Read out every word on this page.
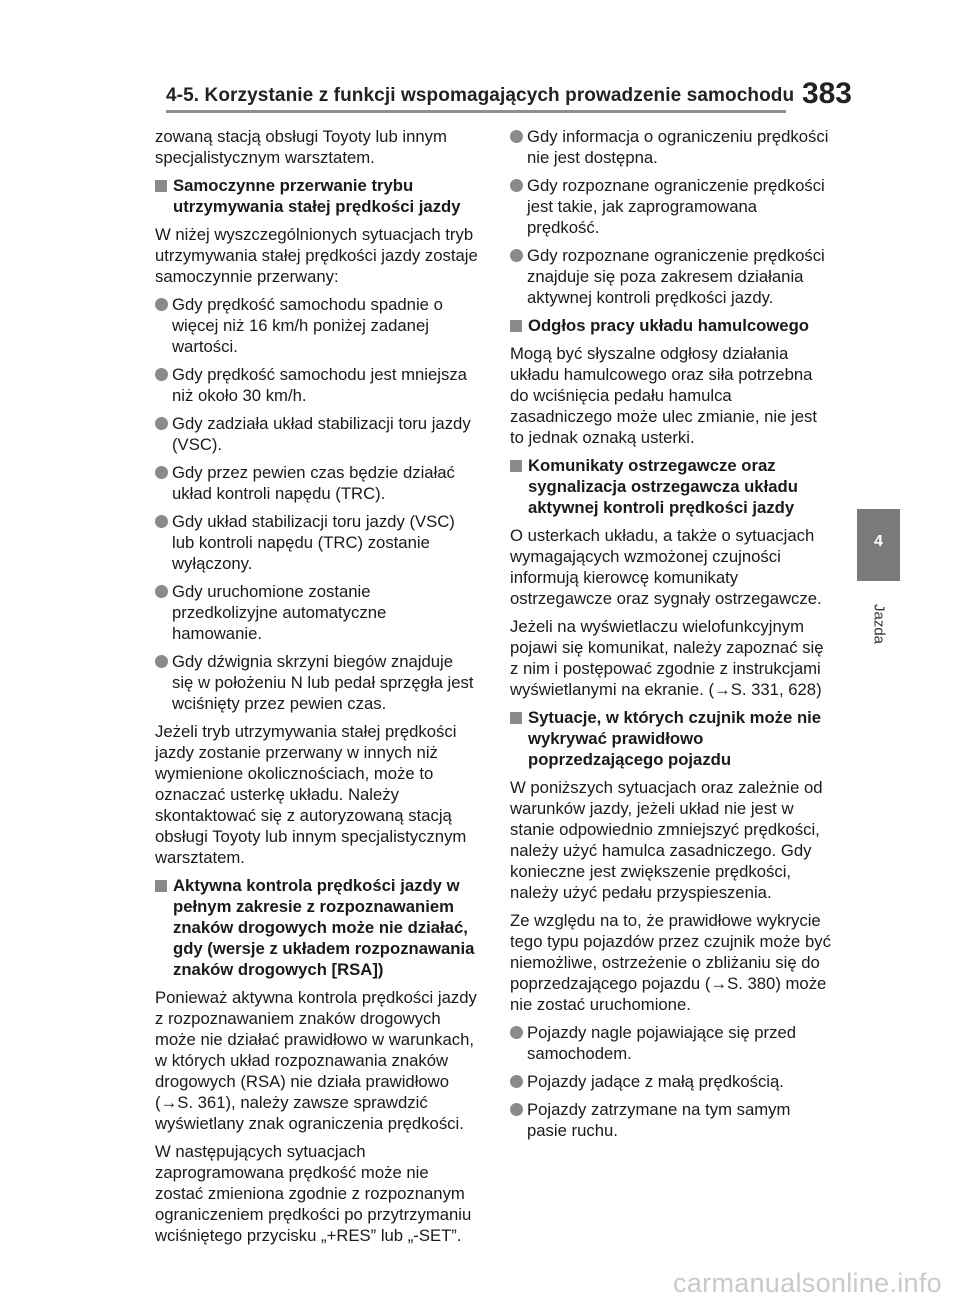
4-5. Korzystanie z funkcji wspomagających prowadzenie samochodu 383
zowaną stacją obsługi Toyoty lub innym specjalistycznym warsztatem.
Samoczynne przerwanie trybu utrzymywania stałej prędkości jazdy
W niżej wyszczególnionych sytuacjach tryb utrzymywania stałej prędkości jazdy zostaje samoczynnie przerwany:
Gdy prędkość samochodu spadnie o więcej niż 16 km/h poniżej zadanej wartości.
Gdy prędkość samochodu jest mniejsza niż około 30 km/h.
Gdy zadziała układ stabilizacji toru jazdy (VSC).
Gdy przez pewien czas będzie działać układ kontroli napędu (TRC).
Gdy układ stabilizacji toru jazdy (VSC) lub kontroli napędu (TRC) zostanie wyłączony.
Gdy uruchomione zostanie przedkolizyjne automatyczne hamowanie.
Gdy dźwignia skrzyni biegów znajduje się w położeniu N lub pedał sprzęgła jest wciśnięty przez pewien czas.
Jeżeli tryb utrzymywania stałej prędkości jazdy zostanie przerwany w innych niż wymienione okolicznościach, może to oznaczać usterkę układu. Należy skontaktować się z autoryzowaną stacją obsługi Toyoty lub innym specjalistycznym warsztatem.
Aktywna kontrola prędkości jazdy w pełnym zakresie z rozpoznawaniem znaków drogowych może nie działać, gdy (wersje z układem rozpoznawania znaków drogowych [RSA])
Ponieważ aktywna kontrola prędkości jazdy z rozpoznawaniem znaków drogowych może nie działać prawidłowo w warunkach, w których układ rozpoznawania znaków drogowych (RSA) nie działa prawidłowo (→S. 361), należy zawsze sprawdzić wyświetlany znak ograniczenia prędkości.
W następujących sytuacjach zaprogramowana prędkość może nie zostać zmieniona zgodnie z rozpoznanym ograniczeniem prędkości po przytrzymaniu wciśniętego przycisku „+RES” lub „-SET”.
Gdy informacja o ograniczeniu prędkości nie jest dostępna.
Gdy rozpoznane ograniczenie prędkości jest takie, jak zaprogramowana prędkość.
Gdy rozpoznane ograniczenie prędkości znajduje się poza zakresem działania aktywnej kontroli prędkości jazdy.
Odgłos pracy układu hamulcowego
Mogą być słyszalne odgłosy działania układu hamulcowego oraz siła potrzebna do wciśnięcia pedału hamulca zasadniczego może ulec zmianie, nie jest to jednak oznaką usterki.
Komunikaty ostrzegawcze oraz sygnalizacja ostrzegawcza układu aktywnej kontroli prędkości jazdy
O usterkach układu, a także o sytuacjach wymagających wzmożonej czujności informują kierowcę komunikaty ostrzegawcze oraz sygnały ostrzegawcze.
Jeżeli na wyświetlaczu wielofunkcyjnym pojawi się komunikat, należy zapoznać się z nim i postępować zgodnie z instrukcjami wyświetlanymi na ekranie. (→S. 331, 628)
Sytuacje, w których czujnik może nie wykrywać prawidłowo poprzedzającego pojazdu
W poniższych sytuacjach oraz zależnie od warunków jazdy, jeżeli układ nie jest w stanie odpowiednio zmniejszyć prędkości, należy użyć hamulca zasadniczego. Gdy konieczne jest zwiększenie prędkości, należy użyć pedału przyspieszenia.
Ze względu na to, że prawidłowe wykrycie tego typu pojazdów przez czujnik może być niemożliwe, ostrzeżenie o zbliżaniu się do poprzedzającego pojazdu (→S. 380) może nie zostać uruchomione.
Pojazdy nagle pojawiające się przed samochodem.
Pojazdy jadące z małą prędkością.
Pojazdy zatrzymane na tym samym pasie ruchu.
4
Jazda
carmanualsonline.info
